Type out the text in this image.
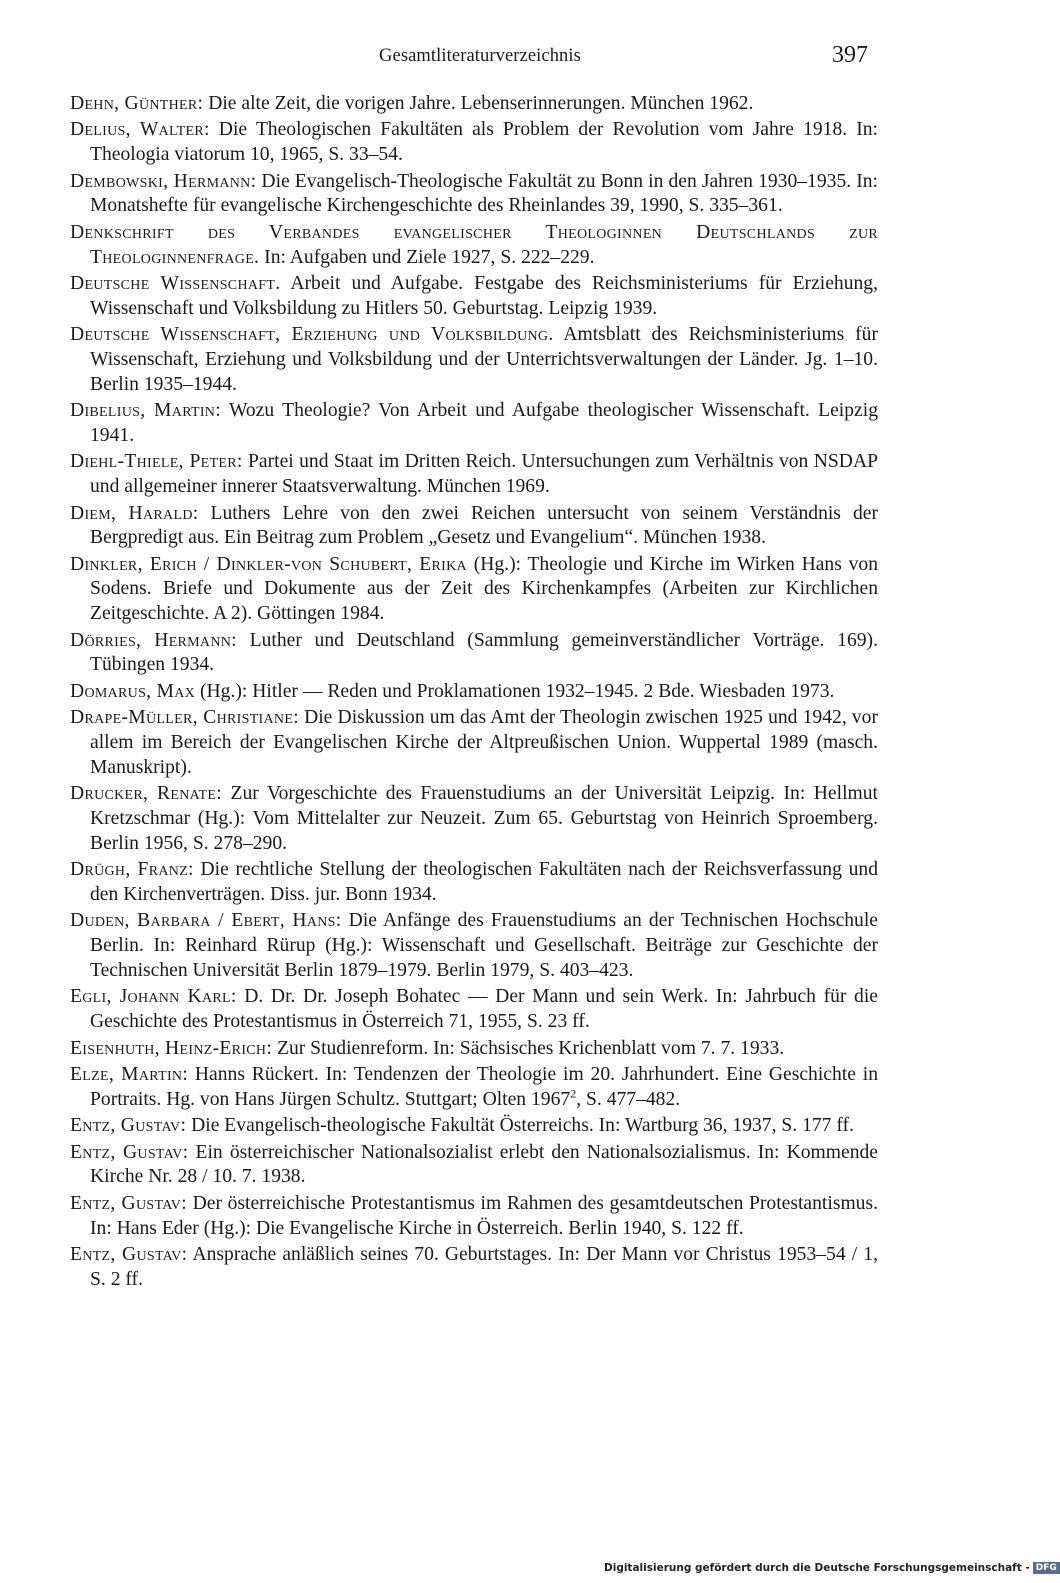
Gesamtliteraturverzeichnis	397

Dehn, Günther: Die alte Zeit, die vorigen Jahre. Lebenserinnerungen. München 1962.

Delius, Walter: Die Theologischen Fakultäten als Problem der Revolution vom Jahre 1918. In: Theologia viatorum 10, 1965, S. 33–54.

Dembowski, Hermann: Die Evangelisch-Theologische Fakultät zu Bonn in den Jahren 1930–1935. In: Monatshefte für evangelische Kirchengeschichte des Rheinlandes 39, 1990, S. 335–361.

Denkschrift des Verbandes evangelischer Theologinnen Deutschlands zur Theologinnenfrage. In: Aufgaben und Ziele 1927, S. 222–229.

Deutsche Wissenschaft. Arbeit und Aufgabe. Festgabe des Reichsministeriums für Erziehung, Wissenschaft und Volksbildung zu Hitlers 50. Geburtstag. Leipzig 1939.

Deutsche Wissenschaft, Erziehung und Volksbildung. Amtsblatt des Reichsministeriums für Wissenschaft, Erziehung und Volksbildung und der Unterrichtsverwaltungen der Länder. Jg. 1–10. Berlin 1935–1944.

Dibelius, Martin: Wozu Theologie? Von Arbeit und Aufgabe theologischer Wissenschaft. Leipzig 1941.

Diehl-Thiele, Peter: Partei und Staat im Dritten Reich. Untersuchungen zum Verhältnis von NSDAP und allgemeiner innerer Staatsverwaltung. München 1969.

Diem, Harald: Luthers Lehre von den zwei Reichen untersucht von seinem Verständnis der Bergpredigt aus. Ein Beitrag zum Problem „Gesetz und Evangelium“. München 1938.

Dinkler, Erich / Dinkler-von Schubert, Erika (Hg.): Theologie und Kirche im Wirken Hans von Sodens. Briefe und Dokumente aus der Zeit des Kirchenkampfes (Arbeiten zur Kirchlichen Zeitgeschichte. A 2). Göttingen 1984.

Dörries, Hermann: Luther und Deutschland (Sammlung gemeinverständlicher Vorträge. 169). Tübingen 1934.

Domarus, Max (Hg.): Hitler — Reden und Proklamationen 1932–1945. 2 Bde. Wiesbaden 1973.

Drape-Müller, Christiane: Die Diskussion um das Amt der Theologin zwischen 1925 und 1942, vor allem im Bereich der Evangelischen Kirche der Altpreußischen Union. Wuppertal 1989 (masch. Manuskript).

Drucker, Renate: Zur Vorgeschichte des Frauenstudiums an der Universität Leipzig. In: Hellmut Kretzschmar (Hg.): Vom Mittelalter zur Neuzeit. Zum 65. Geburtstag von Heinrich Sproemberg. Berlin 1956, S. 278–290.

Drügh, Franz: Die rechtliche Stellung der theologischen Fakultäten nach der Reichsverfassung und den Kirchenverträgen. Diss. jur. Bonn 1934.

Duden, Barbara / Ebert, Hans: Die Anfänge des Frauenstudiums an der Technischen Hochschule Berlin. In: Reinhard Rürup (Hg.): Wissenschaft und Gesellschaft. Beiträge zur Geschichte der Technischen Universität Berlin 1879–1979. Berlin 1979, S. 403–423.

Egli, Johann Karl: D. Dr. Dr. Joseph Bohatec — Der Mann und sein Werk. In: Jahrbuch für die Geschichte des Protestantismus in Österreich 71, 1955, S. 23 ff.

Eisenhuth, Heinz-Erich: Zur Studienreform. In: Sächsisches Krichenblatt vom 7. 7. 1933.

Elze, Martin: Hanns Rückert. In: Tendenzen der Theologie im 20. Jahrhundert. Eine Geschichte in Portraits. Hg. von Hans Jürgen Schultz. Stuttgart; Olten 1967$^2$, S. 477–482.

Entz, Gustav: Die Evangelisch-theologische Fakultät Österreichs. In: Wartburg 36, 1937, S. 177 ff.

Entz, Gustav: Ein österreichischer Nationalsozialist erlebt den Nationalsozialismus. In: Kommende Kirche Nr. 28 / 10. 7. 1938.

Entz, Gustav: Der österreichische Protestantismus im Rahmen des gesamtdeutschen Protestantismus. In: Hans Eder (Hg.): Die Evangelische Kirche in Österreich. Berlin 1940, S. 122 ff.

Entz, Gustav: Ansprache anläßlich seines 70. Geburtstages. In: Der Mann vor Christus 1953–54 / 1, S. 2 ff.

Digitalisierung gefördert durch die Deutsche Forschungsgemeinschaft - DFG
